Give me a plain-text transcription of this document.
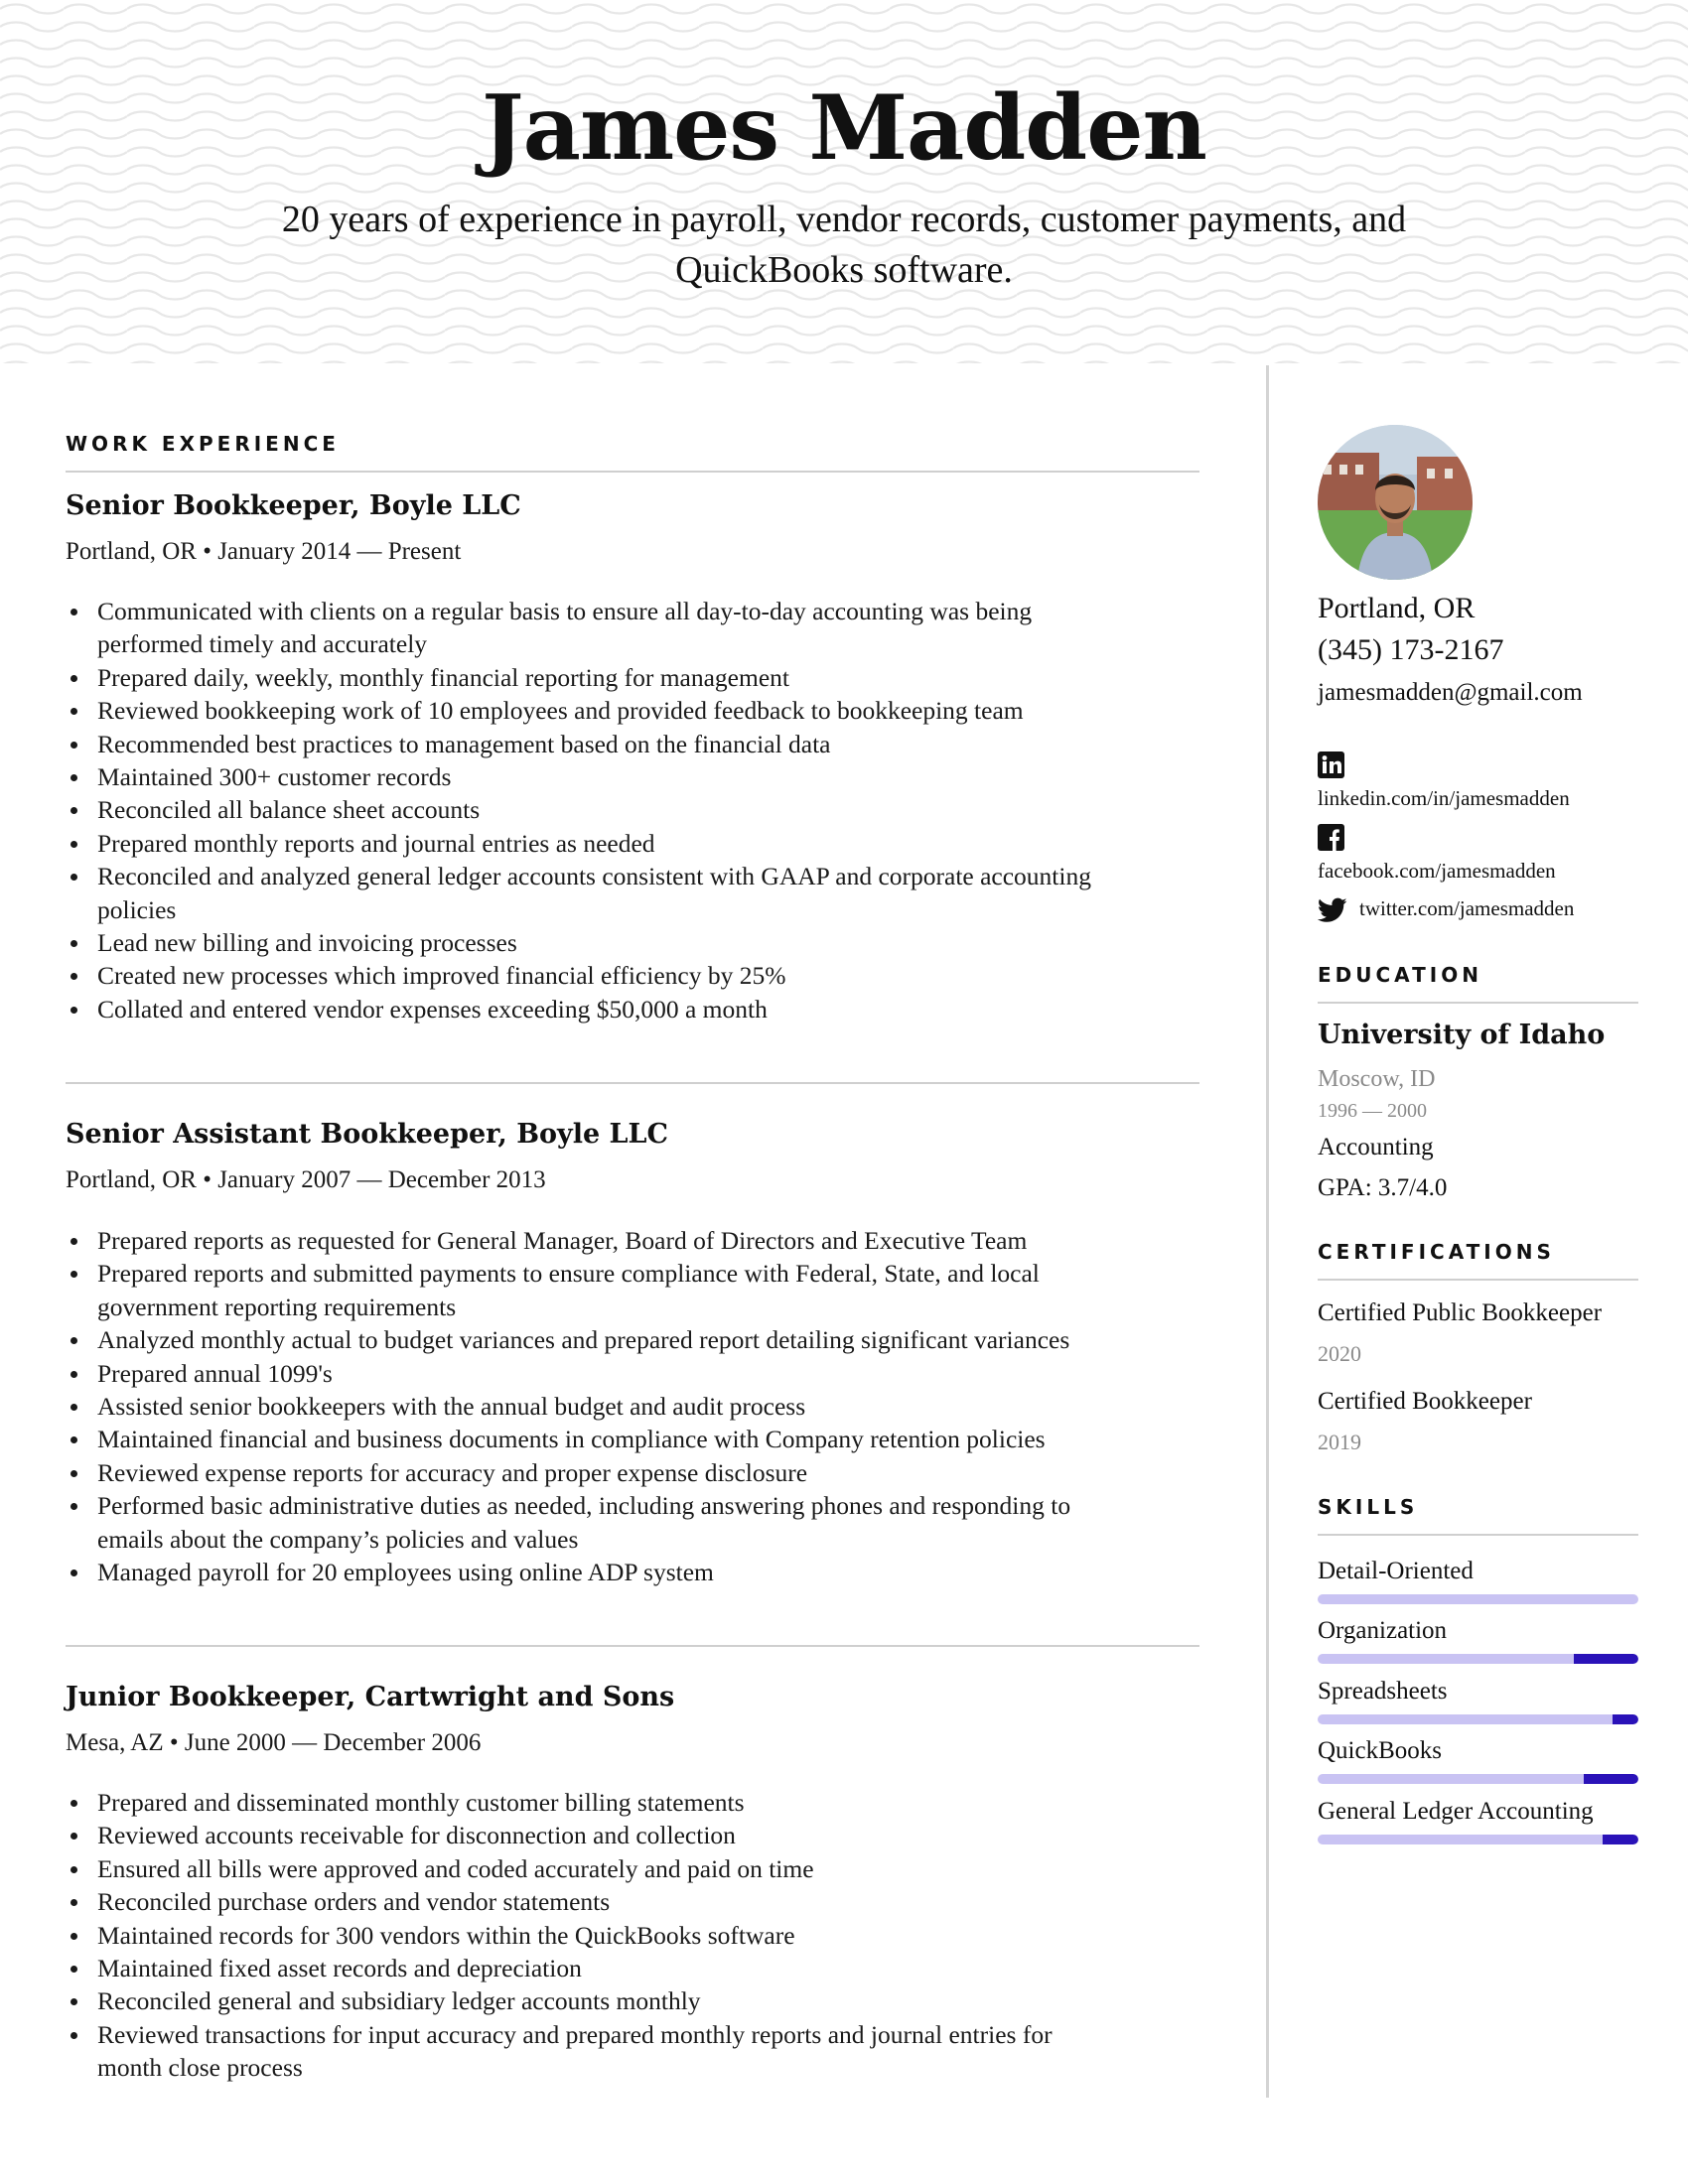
James Madden
20 years of experience in payroll, vendor records, customer payments, and
QuickBooks software.
WORK EXPERIENCE
Senior Bookkeeper, Boyle LLC
Portland, OR • January 2014 — Present
Communicated with clients on a regular basis to ensure all day-to-day accounting was being
performed timely and accurately
Prepared daily, weekly, monthly financial reporting for management
Reviewed bookkeeping work of 10 employees and provided feedback to bookkeeping team
Recommended best practices to management based on the financial data
Maintained 300+ customer records
Reconciled all balance sheet accounts
Prepared monthly reports and journal entries as needed
Reconciled and analyzed general ledger accounts consistent with GAAP and corporate accounting
policies
Lead new billing and invoicing processes
Created new processes which improved financial efficiency by 25%
Collated and entered vendor expenses exceeding $50,000 a month
Senior Assistant Bookkeeper, Boyle LLC
Portland, OR • January 2007 — December 2013
Prepared reports as requested for General Manager, Board of Directors and Executive Team
Prepared reports and submitted payments to ensure compliance with Federal, State, and local
government reporting requirements
Analyzed monthly actual to budget variances and prepared report detailing significant variances
Prepared annual 1099's
Assisted senior bookkeepers with the annual budget and audit process
Maintained financial and business documents in compliance with Company retention policies
Reviewed expense reports for accuracy and proper expense disclosure
Performed basic administrative duties as needed, including answering phones and responding to
emails about the company’s policies and values
Managed payroll for 20 employees using online ADP system
Junior Bookkeeper, Cartwright and Sons
Mesa, AZ • June 2000 — December 2006
Prepared and disseminated monthly customer billing statements
Reviewed accounts receivable for disconnection and collection
Ensured all bills were approved and coded accurately and paid on time
Reconciled purchase orders and vendor statements
Maintained records for 300 vendors within the QuickBooks software
Maintained fixed asset records and depreciation
Reconciled general and subsidiary ledger accounts monthly
Reviewed transactions for input accuracy and prepared monthly reports and journal entries for
month close process
Portland, OR
(345) 173-2167
jamesmadden@gmail.com
linkedin.com/in/jamesmadden
facebook.com/jamesmadden
twitter.com/jamesmadden
EDUCATION
University of Idaho
Moscow, ID
1996 — 2000
Accounting
GPA: 3.7/4.0
CERTIFICATIONS
Certified Public Bookkeeper
2020
Certified Bookkeeper
2019
SKILLS
Detail-Oriented
Organization
Spreadsheets
QuickBooks
General Ledger Accounting
